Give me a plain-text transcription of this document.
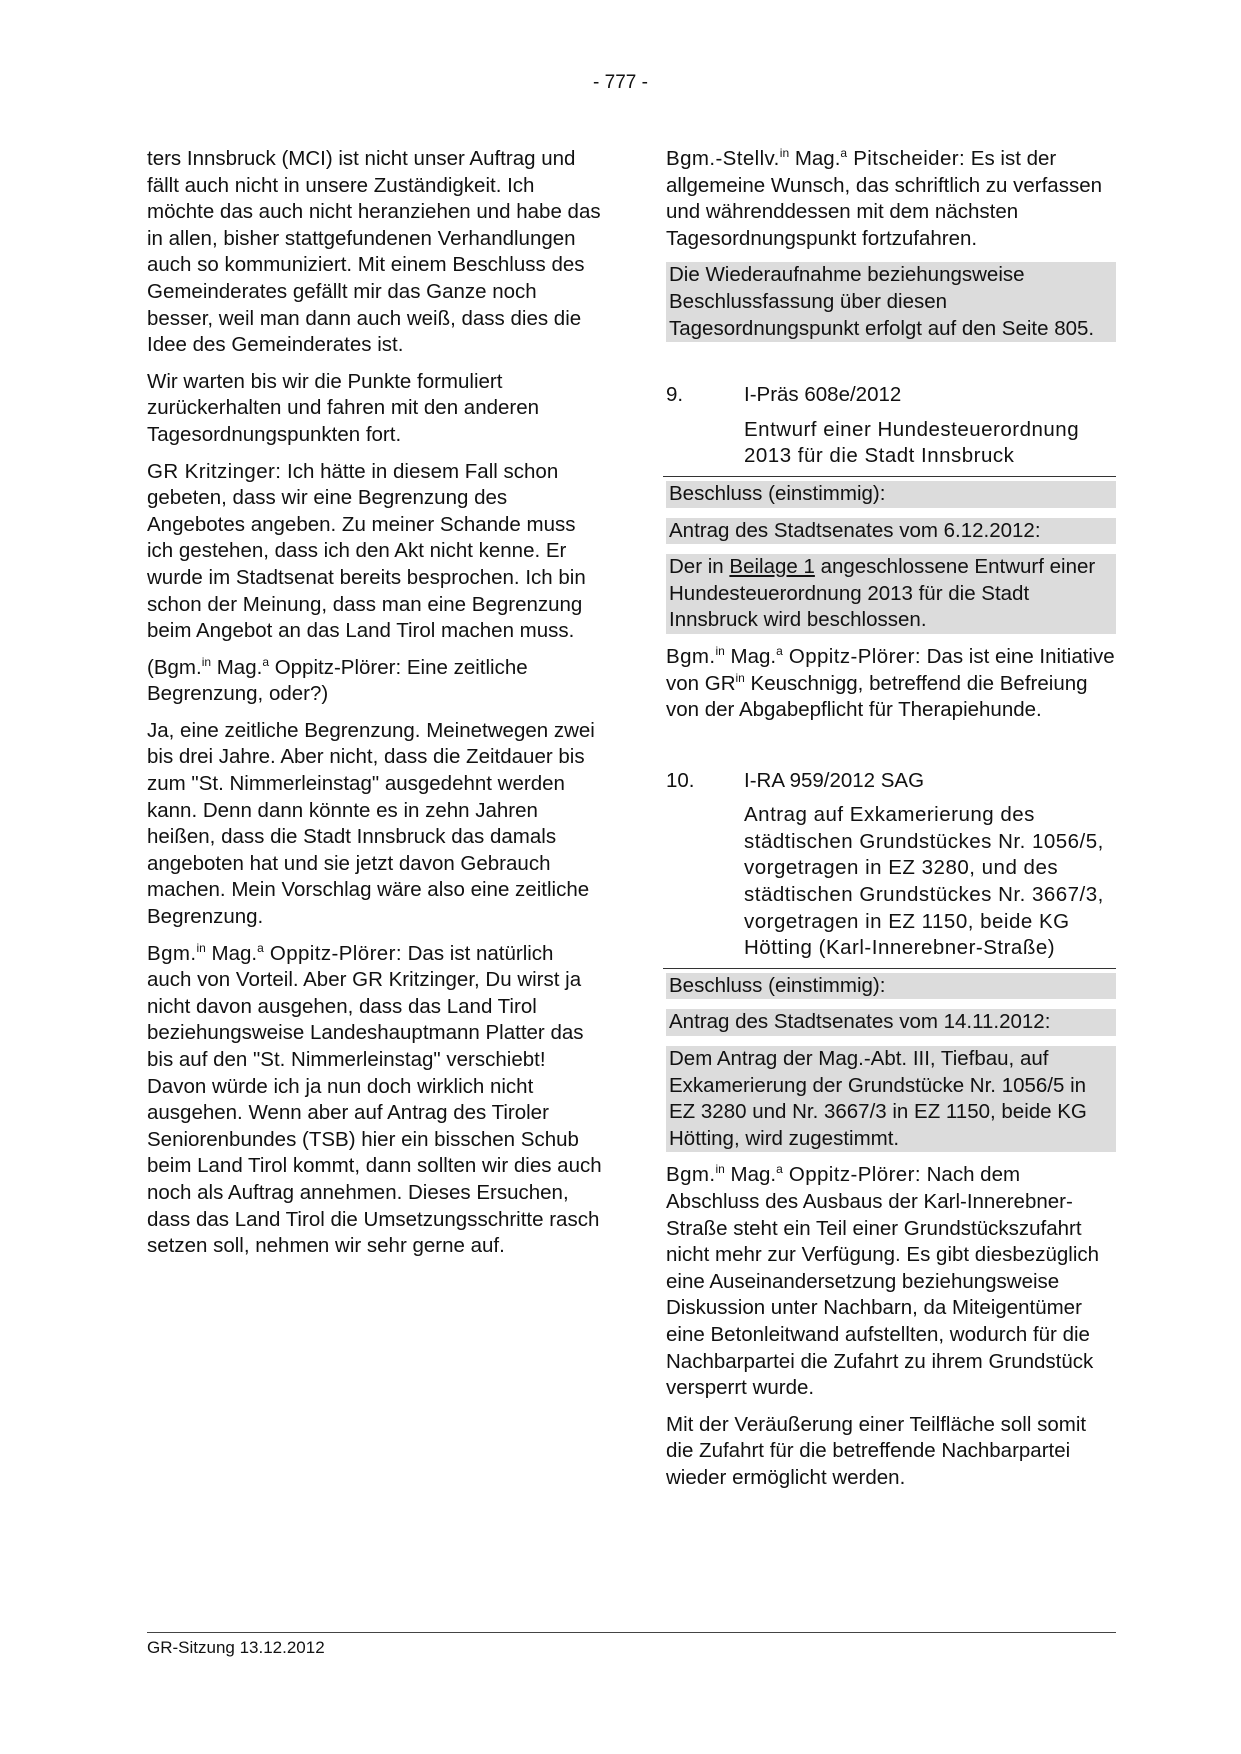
- 777 -

ters Innsbruck (MCI) ist nicht unser Auftrag und fällt auch nicht in unsere Zuständigkeit. Ich möchte das auch nicht heranziehen und habe das in allen, bisher stattgefundenen Verhandlungen auch so kommuniziert. Mit einem Beschluss des Gemeinderates gefällt mir das Ganze noch besser, weil man dann auch weiß, dass dies die Idee des Gemeinderates ist.

Wir warten bis wir die Punkte formuliert zurückerhalten und fahren mit den anderen Tagesordnungspunkten fort.

GR Kritzinger: Ich hätte in diesem Fall schon gebeten, dass wir eine Begrenzung des Angebotes angeben. Zu meiner Schande muss ich gestehen, dass ich den Akt nicht kenne. Er wurde im Stadtsenat bereits besprochen. Ich bin schon der Meinung, dass man eine Begrenzung beim Angebot an das Land Tirol machen muss.

(Bgm.$^{in}$ Mag.$^a$ Oppitz-Plörer: Eine zeitliche Begrenzung, oder?)

Ja, eine zeitliche Begrenzung. Meinetwegen zwei bis drei Jahre. Aber nicht, dass die Zeitdauer bis zum "St. Nimmerleinstag" ausgedehnt werden kann. Denn dann könnte es in zehn Jahren heißen, dass die Stadt Innsbruck das damals angeboten hat und sie jetzt davon Gebrauch machen. Mein Vorschlag wäre also eine zeitliche Begrenzung.

Bgm.$^{in}$ Mag.$^a$ Oppitz-Plörer: Das ist natürlich auch von Vorteil. Aber GR Kritzinger, Du wirst ja nicht davon ausgehen, dass das Land Tirol beziehungsweise Landeshauptmann Platter das bis auf den "St. Nimmerleinstag" verschiebt! Davon würde ich ja nun doch wirklich nicht ausgehen. Wenn aber auf Antrag des Tiroler Seniorenbundes (TSB) hier ein bisschen Schub beim Land Tirol kommt, dann sollten wir dies auch noch als Auftrag annehmen. Dieses Ersuchen, dass das Land Tirol die Umsetzungsschritte rasch setzen soll, nehmen wir sehr gerne auf.

Bgm.-Stellv.$^{in}$ Mag.$^a$ Pitscheider: Es ist der allgemeine Wunsch, das schriftlich zu verfassen und währenddessen mit dem nächsten Tagesordnungspunkt fortzufahren.

Die Wiederaufnahme beziehungsweise Beschlussfassung über diesen Tagesordnungspunkt erfolgt auf den Seite 805.
9.	I-Präs 608e/2012
Entwurf einer Hundesteuerordnung 2013 für die Stadt Innsbruck
Beschluss (einstimmig):
Antrag des Stadtsenates vom 6.12.2012:
Der in Beilage 1 angeschlossene Entwurf einer Hundesteuerordnung 2013 für die Stadt Innsbruck wird beschlossen.

Bgm.$^{in}$ Mag.$^a$ Oppitz-Plörer: Das ist eine Initiative von $GR^{in}$ Keuschnigg, betreffend die Befreiung von der Abgabepflicht für Therapiehunde.

10.	I-RA 959/2012 SAG
Antrag auf Exkamerierung des städtischen Grundstückes Nr. 1056/5, vorgetragen in EZ 3280, und des städtischen Grundstückes Nr. 3667/3, vorgetragen in EZ 1150, beide KG Hötting (Karl-Innerebner-Straße)
Beschluss (einstimmig):
Antrag des Stadtsenates vom 14.11.2012:
Dem Antrag der Mag.-Abt. III, Tiefbau, auf Exkamerierung der Grundstücke Nr. 1056/5 in EZ 3280 und Nr. 3667/3 in EZ 1150, beide KG Hötting, wird zugestimmt.

Bgm.$^{in}$ Mag.$^a$ Oppitz-Plörer: Nach dem Abschluss des Ausbaus der Karl-Innerebner-Straße steht ein Teil einer Grundstückszufahrt nicht mehr zur Verfügung. Es gibt diesbezüglich eine Auseinandersetzung beziehungsweise Diskussion unter Nachbarn, da Miteigentümer eine Betonleitwand aufstellten, wodurch für die Nachbarpartei die Zufahrt zu ihrem Grundstück versperrt wurde.

Mit der Veräußerung einer Teilfläche soll somit die Zufahrt für die betreffende Nachbarpartei wieder ermöglicht werden.

GR-Sitzung 13.12.2012
